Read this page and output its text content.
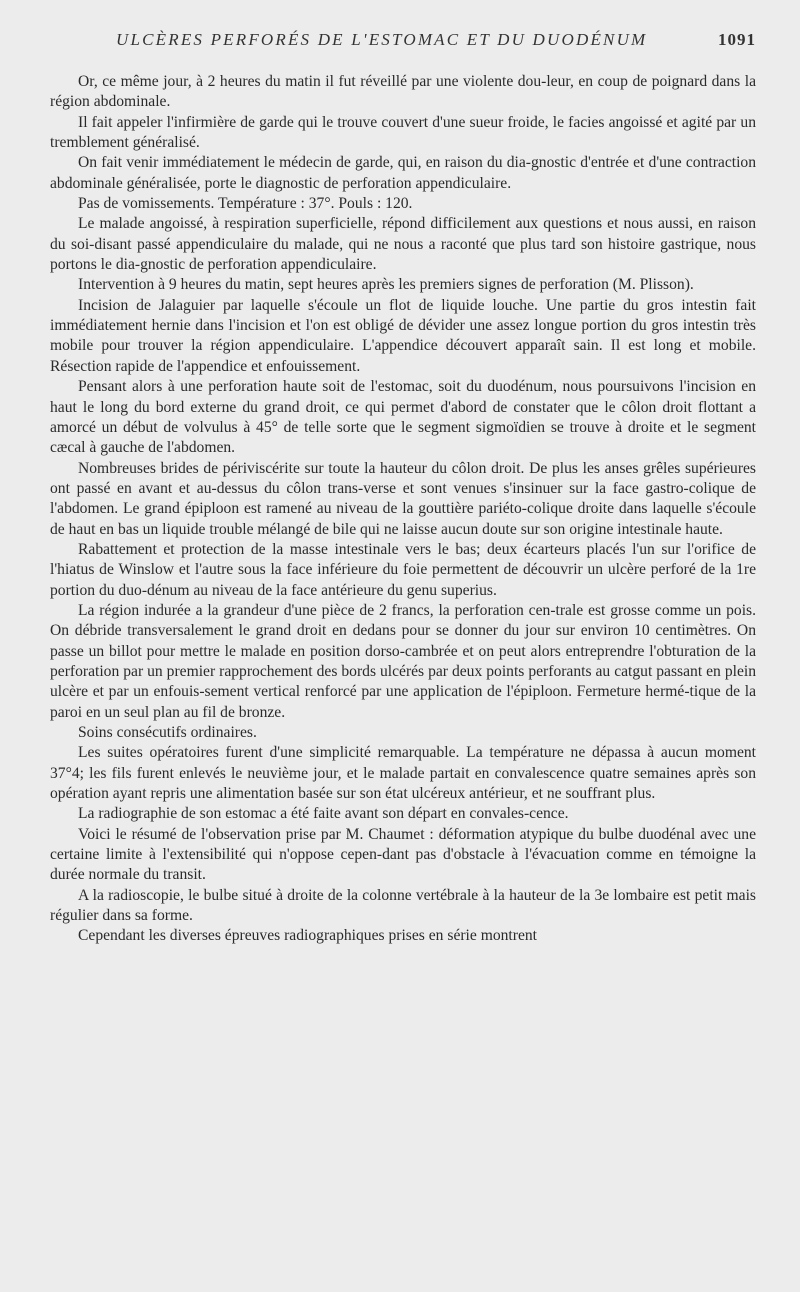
ULCÈRES PERFORÉS DE L'ESTOMAC ET DU DUODÉNUM	1091

Or, ce même jour, à 2 heures du matin il fut réveillé par une violente dou-leur, en coup de poignard dans la région abdominale.

Il fait appeler l'infirmière de garde qui le trouve couvert d'une sueur froide, le facies angoissé et agité par un tremblement généralisé.

On fait venir immédiatement le médecin de garde, qui, en raison du dia-gnostic d'entrée et d'une contraction abdominale généralisée, porte le diagnostic de perforation appendiculaire.

Pas de vomissements. Température : 37°. Pouls : 120.

Le malade angoissé, à respiration superficielle, répond difficilement aux questions et nous aussi, en raison du soi-disant passé appendiculaire du malade, qui ne nous a raconté que plus tard son histoire gastrique, nous portons le dia-gnostic de perforation appendiculaire.

Intervention à 9 heures du matin, sept heures après les premiers signes de perforation (M. Plisson).

Incision de Jalaguier par laquelle s'écoule un flot de liquide louche. Une partie du gros intestin fait immédiatement hernie dans l'incision et l'on est obligé de dévider une assez longue portion du gros intestin très mobile pour trouver la région appendiculaire. L'appendice découvert apparaît sain. Il est long et mobile. Résection rapide de l'appendice et enfouissement.

Pensant alors à une perforation haute soit de l'estomac, soit du duodénum, nous poursuivons l'incision en haut le long du bord externe du grand droit, ce qui permet d'abord de constater que le côlon droit flottant a amorcé un début de volvulus à 45° de telle sorte que le segment sigmoïdien se trouve à droite et le segment cæcal à gauche de l'abdomen.

Nombreuses brides de périviscérite sur toute la hauteur du côlon droit. De plus les anses grêles supérieures ont passé en avant et au-dessus du côlon trans-verse et sont venues s'insinuer sur la face gastro-colique de l'abdomen. Le grand épiploon est ramené au niveau de la gouttière pariéto-colique droite dans laquelle s'écoule de haut en bas un liquide trouble mélangé de bile qui ne laisse aucun doute sur son origine intestinale haute.

Rabattement et protection de la masse intestinale vers le bas; deux écarteurs placés l'un sur l'orifice de l'hiatus de Winslow et l'autre sous la face inférieure du foie permettent de découvrir un ulcère perforé de la 1re portion du duo-dénum au niveau de la face antérieure du genu superius.

La région indurée a la grandeur d'une pièce de 2 francs, la perforation cen-trale est grosse comme un pois. On débride transversalement le grand droit en dedans pour se donner du jour sur environ 10 centimètres. On passe un billot pour mettre le malade en position dorso-cambrée et on peut alors entreprendre l'obturation de la perforation par un premier rapprochement des bords ulcérés par deux points perforants au catgut passant en plein ulcère et par un enfouis-sement vertical renforcé par une application de l'épiploon. Fermeture hermé-tique de la paroi en un seul plan au fil de bronze.

Soins consécutifs ordinaires.

Les suites opératoires furent d'une simplicité remarquable. La température ne dépassa à aucun moment 37°4; les fils furent enlevés le neuvième jour, et le malade partait en convalescence quatre semaines après son opération ayant repris une alimentation basée sur son état ulcéreux antérieur, et ne souffrant plus.

La radiographie de son estomac a été faite avant son départ en convales-cence.

Voici le résumé de l'observation prise par M. Chaumet : déformation atypique du bulbe duodénal avec une certaine limite à l'extensibilité qui n'oppose cepen-dant pas d'obstacle à l'évacuation comme en témoigne la durée normale du transit.

A la radioscopie, le bulbe situé à droite de la colonne vertébrale à la hauteur de la 3e lombaire est petit mais régulier dans sa forme.

Cependant les diverses épreuves radiographiques prises en série montrent
